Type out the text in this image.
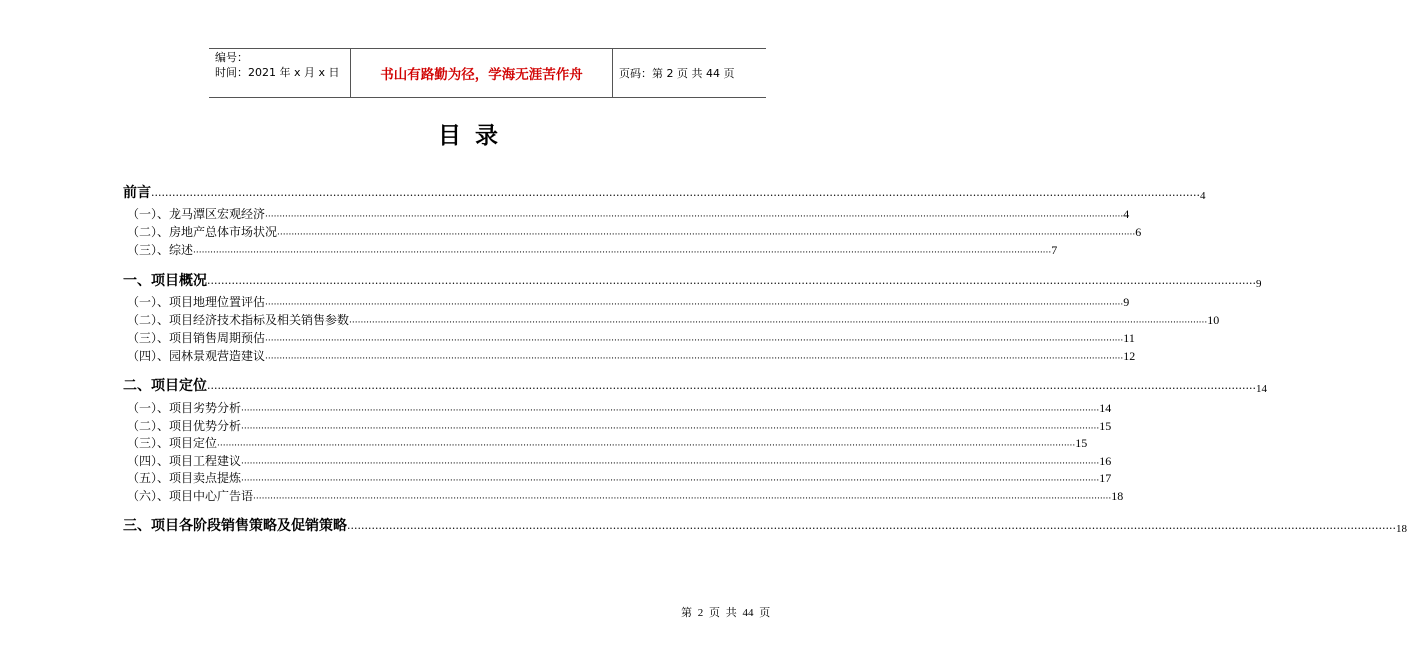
编号：
时间：2021 年 x 月 x 日	书山有路勤为径，学海无涯苦作舟	页码：第 2 页 共 44 页
目录
前言 ············································································································································································································································································································ 4
（一）、龙马潭区宏观经济 ············································································································································································································································································································ 4
（二）、房地产总体市场状况 ············································································································································································································································································································ 6
（三）、综述 ············································································································································································································································································································ 7
一、项目概况 ············································································································································································································································································································ 9
（一）、项目地理位置评估 ············································································································································································································································································································ 9
（二）、项目经济技术指标及相关销售参数 ············································································································································································································································································································ 10
（三）、项目销售周期预估 ············································································································································································································································································································ 11
（四）、园林景观营造建议 ············································································································································································································································································································ 12
二、项目定位 ············································································································································································································································································································ 14
（一）、项目劣势分析 ············································································································································································································································································································ 14
（二）、项目优势分析 ············································································································································································································································································································ 15
（三）、项目定位 ············································································································································································································································································································ 15
（四）、项目工程建议 ············································································································································································································································································································ 16
（五）、项目卖点提炼 ············································································································································································································································································································ 17
（六）、项目中心广告语 ············································································································································································································································································································ 18
三、项目各阶段销售策略及促销策略 ············································································································································································································································································································ 18
第 2 页 共 44 页
